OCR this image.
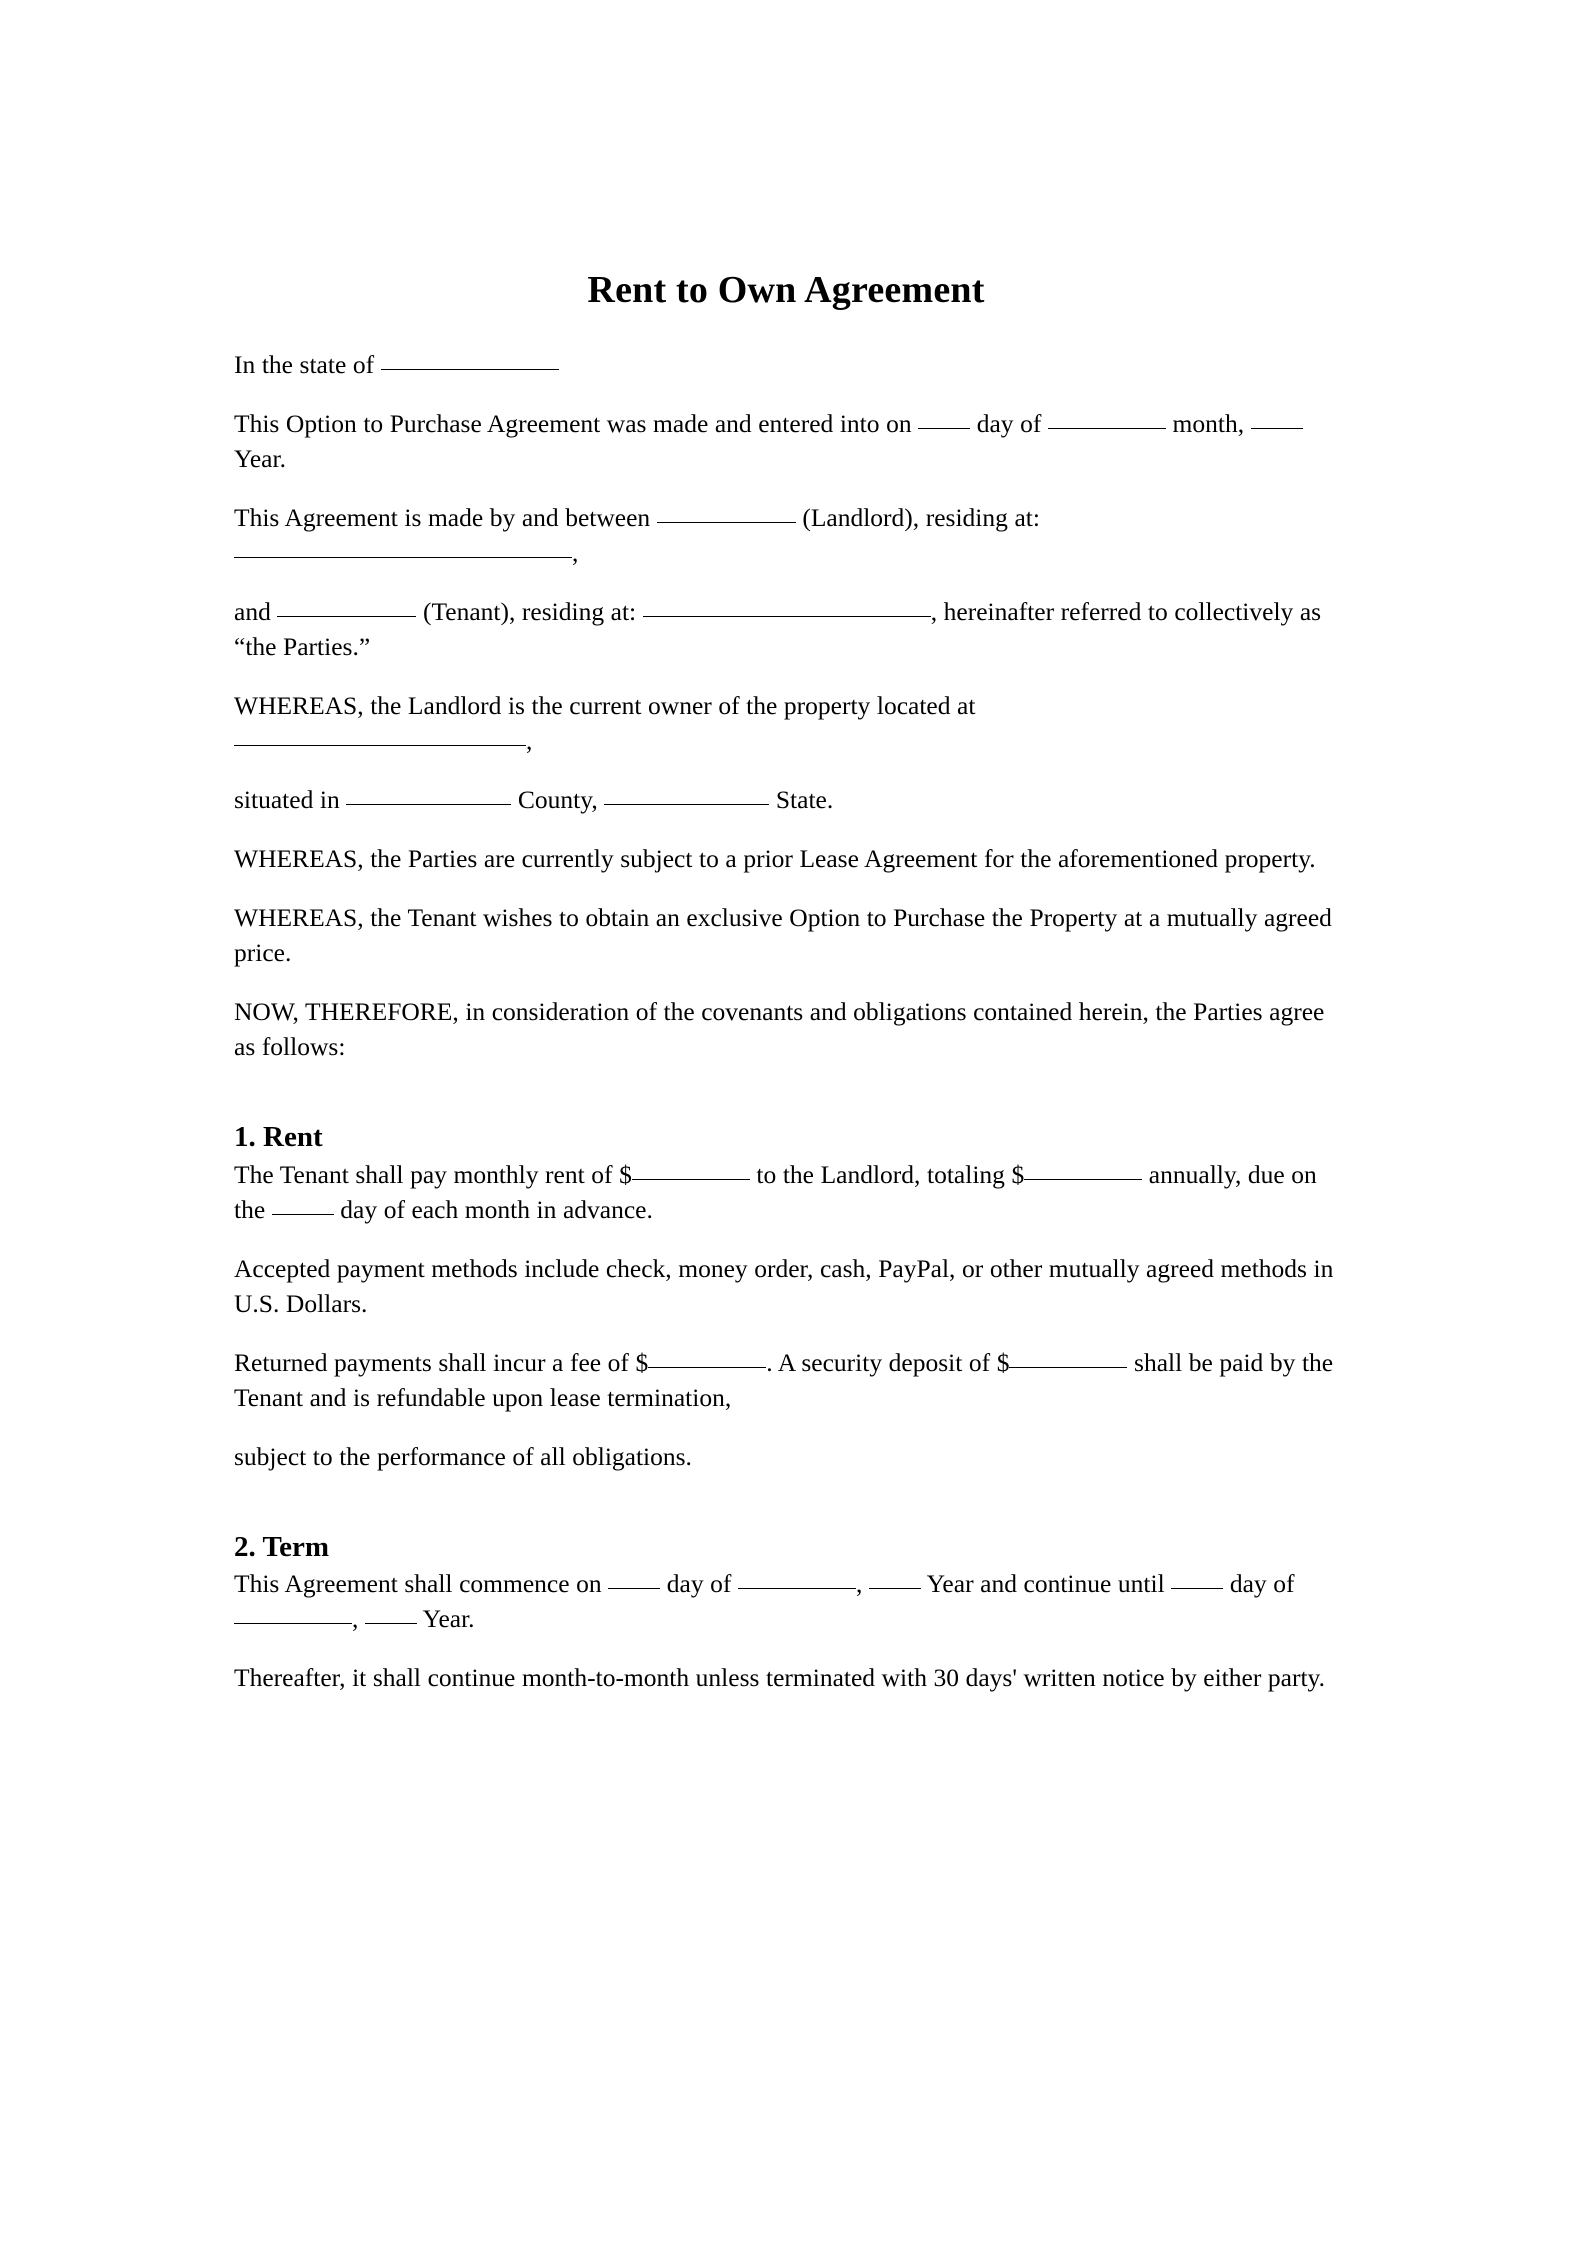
Rent to Own Agreement

In the state of

This Option to Purchase Agreement was made and entered into on  day of	month,  Year.

This Agreement is made by and between	(Landlord), residing at:
,

and	(Tenant), residing at:	, hereinafter referred to collectively as “the Parties.”

WHEREAS, the Landlord is the current owner of the property located at
,

situated in	County,	State.

WHEREAS, the Parties are currently subject to a prior Lease Agreement for the aforementioned property.

WHEREAS, the Tenant wishes to obtain an exclusive Option to Purchase the Property at a mutually agreed price.

NOW, THEREFORE, in consideration of the covenants and obligations contained herein, the Parties agree as follows:

1. Rent

The Tenant shall pay monthly rent of $	to the Landlord, totaling $	annually, due on the  day of each month in advance.

Accepted payment methods include check, money order, cash, PayPal, or other mutually agreed methods in U.S. Dollars.

Returned payments shall incur a fee of $	. A security deposit of $	shall be paid by the Tenant and is refundable upon lease termination,

subject to the performance of all obligations.

2. Term

This Agreement shall commence on  day of	,  Year and continue until  day of ,  Year.

Thereafter, it shall continue month-to-month unless terminated with 30 days' written notice by either party.
